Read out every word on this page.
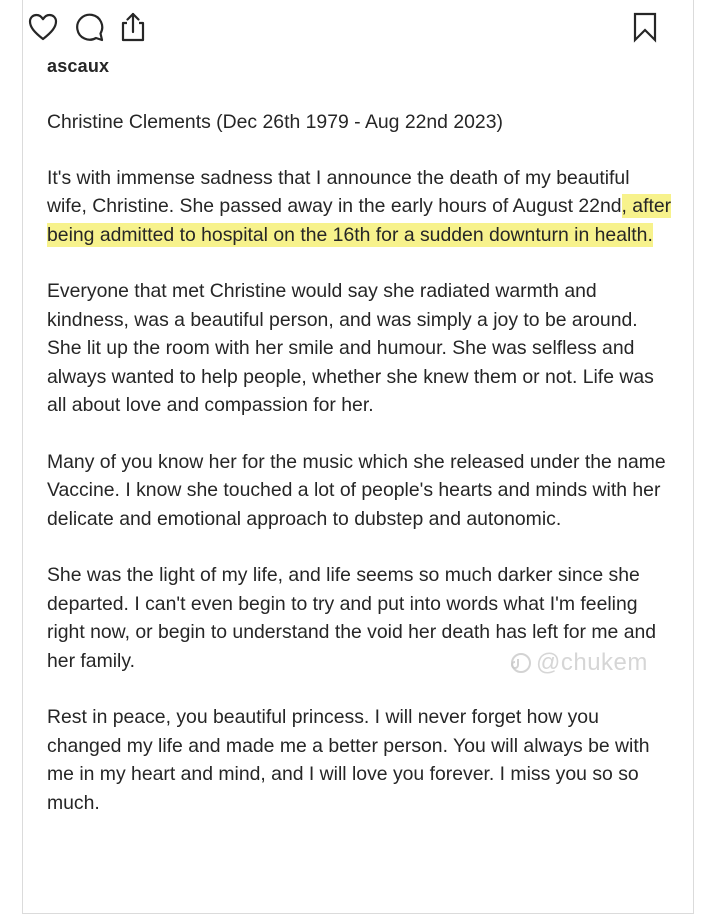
ascaux

Christine Clements (Dec 26th 1979 - Aug 22nd 2023)

It's with immense sadness that I announce the death of my beautiful wife, Christine. She passed away in the early hours of August 22nd, after being admitted to hospital on the 16th for a sudden downturn in health.

Everyone that met Christine would say she radiated warmth and kindness, was a beautiful person, and was simply a joy to be around. She lit up the room with her smile and humour. She was selfless and always wanted to help people, whether she knew them or not. Life was all about love and compassion for her.

Many of you know her for the music which she released under the name Vaccine. I know she touched a lot of people's hearts and minds with her delicate and emotional approach to dubstep and autonomic.

She was the light of my life, and life seems so much darker since she departed. I can't even begin to try and put into words what I'm feeling right now, or begin to understand the void her death has left for me and her family.

Rest in peace, you beautiful princess. I will never forget how you changed my life and made me a better person. You will always be with me in my heart and mind, and I will love you forever. I miss you so so much.

@chukem
